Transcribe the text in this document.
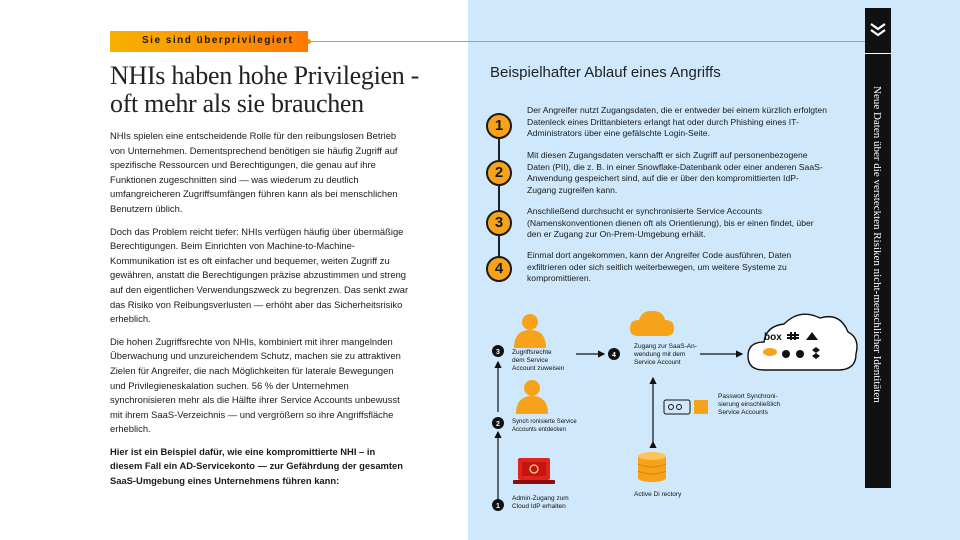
Sie sind überprivilegiert
NHIs haben hohe Privilegien -
oft mehr als sie brauchen

NHIs spielen eine entscheidende Rolle für den reibungslosen Betrieb von Unternehmen. Dementsprechend benötigen sie häufig Zugriff auf spezifische Ressourcen und Berechtigungen, die genau auf ihre Funktionen zugeschnitten sind — was wiederum zu deutlich umfangreicheren Zugriffsumfängen führen kann als bei menschlichen Benutzern üblich.

Doch das Problem reicht tiefer: NHIs verfügen häufig über übermäßige Berechtigungen. Beim Einrichten von Machine-to-Machine-Kommunikation ist es oft einfacher und bequemer, weiten Zugriff zu gewähren, anstatt die Berechtigungen präzise abzustimmen und streng auf den eigentlichen Verwendungszweck zu begrenzen. Das senkt zwar das Risiko von Reibungsverlusten — erhöht aber das Sicherheitsrisiko erheblich.

Die hohen Zugriffsrechte von NHIs, kombiniert mit ihrer mangelnden Überwachung und unzureichendem Schutz, machen sie zu attraktiven Zielen für Angreifer, die nach Möglichkeiten für laterale Bewegungen und Privilegieneskalation suchen. 56 % der Unternehmen synchronisieren mehr als die Hälfte ihrer Service Accounts unbewusst mit ihrem SaaS-Verzeichnis — und vergrößern so ihre Angriffsfläche erheblich.

Hier ist ein Beispiel dafür, wie eine kompromittierte NHI – in diesem Fall ein AD-Servicekonto — zur Gefährdung der gesamten SaaS-Umgebung eines Unternehmens führen kann:

Beispielhafter Ablauf eines Angriffs
1
Der Angreifer nutzt Zugangsdaten, die er entweder bei einem kürzlich erfolgten Datenleck eines Drittanbieters erlangt hat oder durch Phishing eines IT-Administrators über eine gefälschte Login-Seite.
2
Mit diesen Zugangsdaten verschafft er sich Zugriff auf personenbezogene Daten (PII), die z. B. in einer Snowflake-Datenbank oder einer anderen SaaS-Anwendung gespeichert sind, auf die er über den kompromittierten IdP-Zugang zugreifen kann.
3
Anschließend durchsucht er synchronisierte Service Accounts (Namenskonventionen dienen oft als Orientierung), bis er einen findet, über den er Zugang zur On-Prem-Umgebung erhält.
4
Einmal dort angekommen, kann der Angreifer Code ausführen, Daten exfiltrieren oder sich seitlich weiterbewegen, um weitere Systeme zu kompromittieren.
1
2
3	4
Admin-Zugang zum
Cloud IdP erhalten
Synch ronisierte Service
Accounts entdecken
Zugriffsrechte
dem Service
Account zuweisen
Zugang zur SaaS-An-
wendung mit dem
Service Account
Passwort Synchroni-
sierung einschließlich
Service Accounts
Active Di rectory
box	Neue Daten über die versteckten Risiken nicht-menschlicher Identitäten
